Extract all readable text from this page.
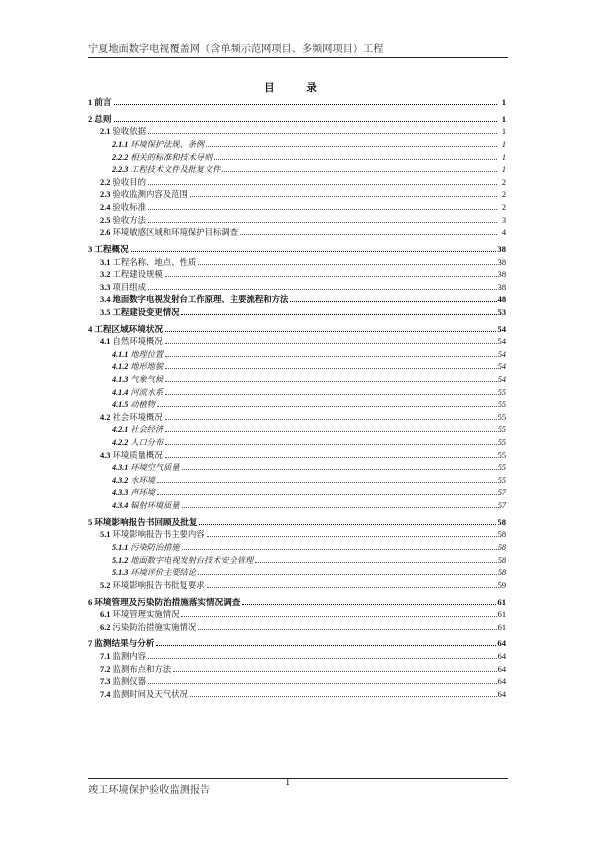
宁夏地面数字电视覆盖网（含单频示范网项目、多频网项目）工程
目 录
1 前言	1
2 总则	1
2.1 验收依据	1
2.1.1 环境保护法规、条例	1
2.2.2 相关的标准和技术导则	1
2.2.3 工程技术文件及批复文件	1
2.2 验收目的	2
2.3 验收监测内容及范围	2
2.4 验收标准	2
2.5 验收方法	3
2.6 环境敏感区域和环境保护目标调查	4
3 工程概况	38
3.1 工程名称、地点、性质	38
3.2 工程建设规模	38
3.3 项目组成	38
3.4 地面数字电视发射台工作原理、主要流程和方法	48
3.5 工程建设变更情况	53
4 工程区域环境状况	54
4.1 自然环境概况	54
4.1.1 地理位置	54
4.1.2 地形地貌	54
4.1.3 气象气候	54
4.1.4 河流水系	55
4.1.5 动植物	55
4.2 社会环境概况	55
4.2.1 社会经济	55
4.2.2 人口分布	55
4.3 环境质量概况	55
4.3.1 环境空气质量	55
4.3.2 水环境	55
4.3.3 声环境	57
4.3.4 辐射环境质量	57
5 环境影响报告书回顾及批复	58
5.1 环境影响报告书主要内容	58
5.1.1 污染防治措施	58
5.1.2 地面数字电视发射台技术安全管理	58
5.1.3 环境评价主要结论	58
5.2 环境影响报告书批复要求	59
6 环境管理及污染防治措施落实情况调查	61
6.1 环境管理实施情况	61
6.2 污染防治措施实施情况	61
7 监测结果与分析	64
7.1 监测内容	64
7.2 监测布点和方法	64
7.3 监测仪器	64
7.4 监测时间及天气状况	64
竣工环境保护验收监测报告
I
